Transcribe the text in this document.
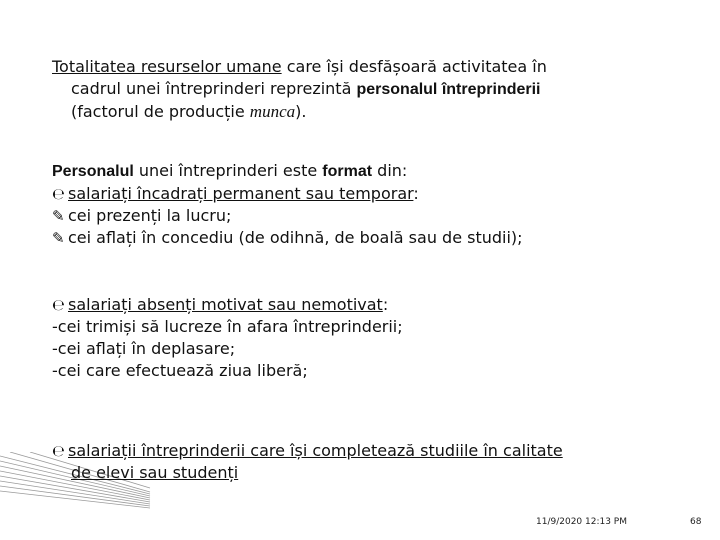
Totalitatea resurselor umane care își desfășoară activitatea în
cadrul unei întreprinderi reprezintă personalul întreprinderii
(factorul de producție munca).
Personalul unei întreprinderi este format din:
℮ salariați încadrați permanent sau temporar:
✎ cei prezenți la lucru;
✎ cei aflați în concediu (de odihnă, de boală sau de studii);
℮ salariați absenți motivat sau nemotivat:
-cei trimiși să lucreze în afara întreprinderii;
-cei aflați în deplasare;
-cei care efectuează ziua liberă;
℮ salariații întreprinderii care își completează studiile în calitate
de elevi sau studenți
11/9/2020 12:13 PM	68
